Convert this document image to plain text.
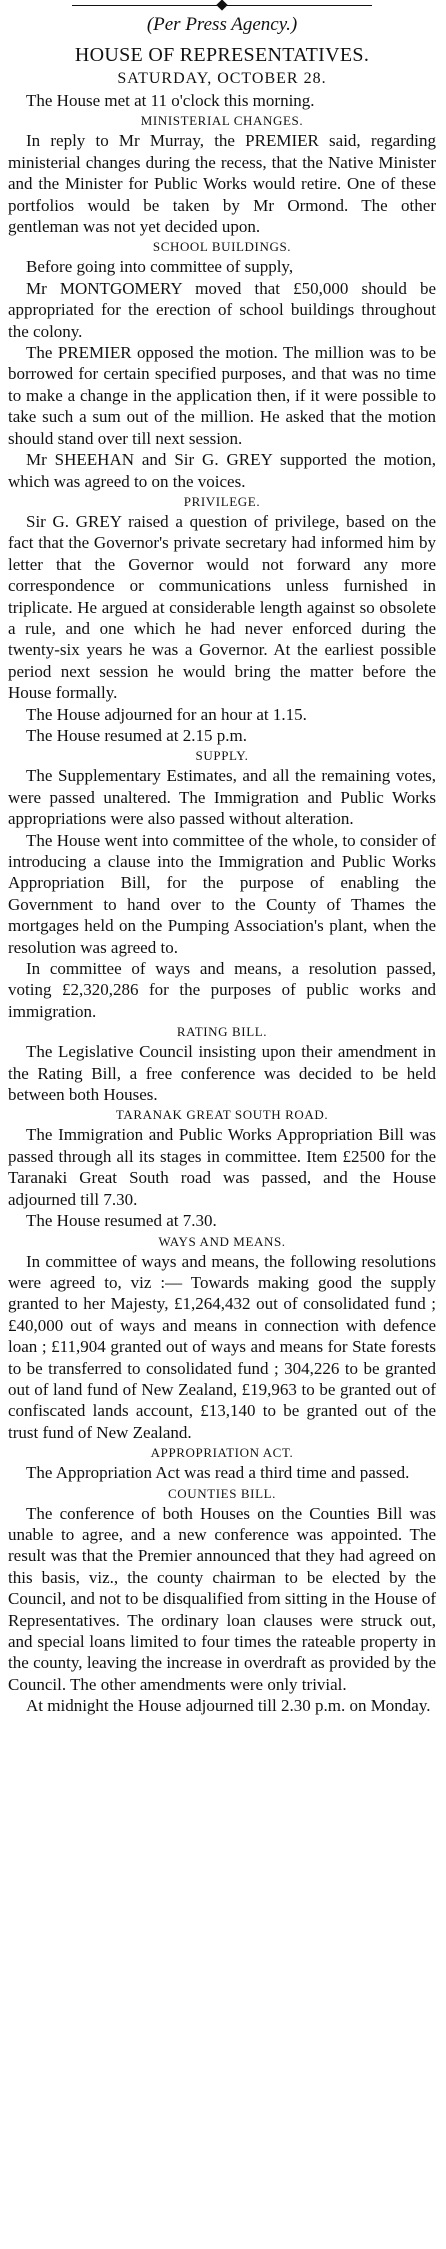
(Per Press Agency.)
HOUSE OF REPRESENTATIVES.
SATURDAY, OCTOBER 28.

The House met at 11 o'clock this morning.

MINISTERIAL CHANGES.

In reply to Mr Murray, the PREMIER said, regarding ministerial changes during the recess, that the Native Minister and the Minister for Public Works would retire. One of these portfolios would be taken by Mr Ormond. The other gentleman was not yet decided upon.

SCHOOL BUILDINGS.

Before going into committee of supply,

Mr MONTGOMERY moved that £50,000 should be appropriated for the erection of school buildings throughout the colony.

The PREMIER opposed the motion. The million was to be borrowed for certain specified purposes, and that was no time to make a change in the application then, if it were possible to take such a sum out of the million. He asked that the motion should stand over till next session.

Mr SHEEHAN and Sir G. GREY supported the motion, which was agreed to on the voices.

PRIVILEGE.

Sir G. GREY raised a question of privilege, based on the fact that the Governor's private secretary had informed him by letter that the Governor would not forward any more correspondence or communications unless furnished in triplicate. He argued at considerable length against so obsolete a rule, and one which he had never enforced during the twenty-six years he was a Governor. At the earliest possible period next session he would bring the matter before the House formally.

The House adjourned for an hour at 1.15.

The House resumed at 2.15 p.m.

SUPPLY.

The Supplementary Estimates, and all the remaining votes, were passed unaltered. The Immigration and Public Works appropriations were also passed without alteration.

The House went into committee of the whole, to consider of introducing a clause into the Immigration and Public Works Appropriation Bill, for the purpose of enabling the Government to hand over to the County of Thames the mortgages held on the Pumping Association's plant, when the resolution was agreed to.

In committee of ways and means, a resolution passed, voting £2,320,286 for the purposes of public works and immigration.

RATING BILL.

The Legislative Council insisting upon their amendment in the Rating Bill, a free conference was decided to be held between both Houses.

TARANAK GREAT SOUTH ROAD.

The Immigration and Public Works Appropriation Bill was passed through all its stages in committee. Item £2500 for the Taranaki Great South road was passed, and the House adjourned till 7.30.

The House resumed at 7.30.

WAYS AND MEANS.

In committee of ways and means, the following resolutions were agreed to, viz :— Towards making good the supply granted to her Majesty, £1,264,432 out of consolidated fund ; £40,000 out of ways and means in connection with defence loan ; £11,904 granted out of ways and means for State forests to be transferred to consolidated fund ; 304,226 to be granted out of land fund of New Zealand, £19,963 to be granted out of confiscated lands account, £13,140 to be granted out of the trust fund of New Zealand.

APPROPRIATION ACT.

The Appropriation Act was read a third time and passed.

COUNTIES BILL.

The conference of both Houses on the Counties Bill was unable to agree, and a new conference was appointed. The result was that the Premier announced that they had agreed on this basis, viz., the county chairman to be elected by the Council, and not to be disqualified from sitting in the House of Representatives. The ordinary loan clauses were struck out, and special loans limited to four times the rateable property in the county, leaving the increase in overdraft as provided by the Council. The other amendments were only trivial.

At midnight the House adjourned till 2.30 p.m. on Monday.
